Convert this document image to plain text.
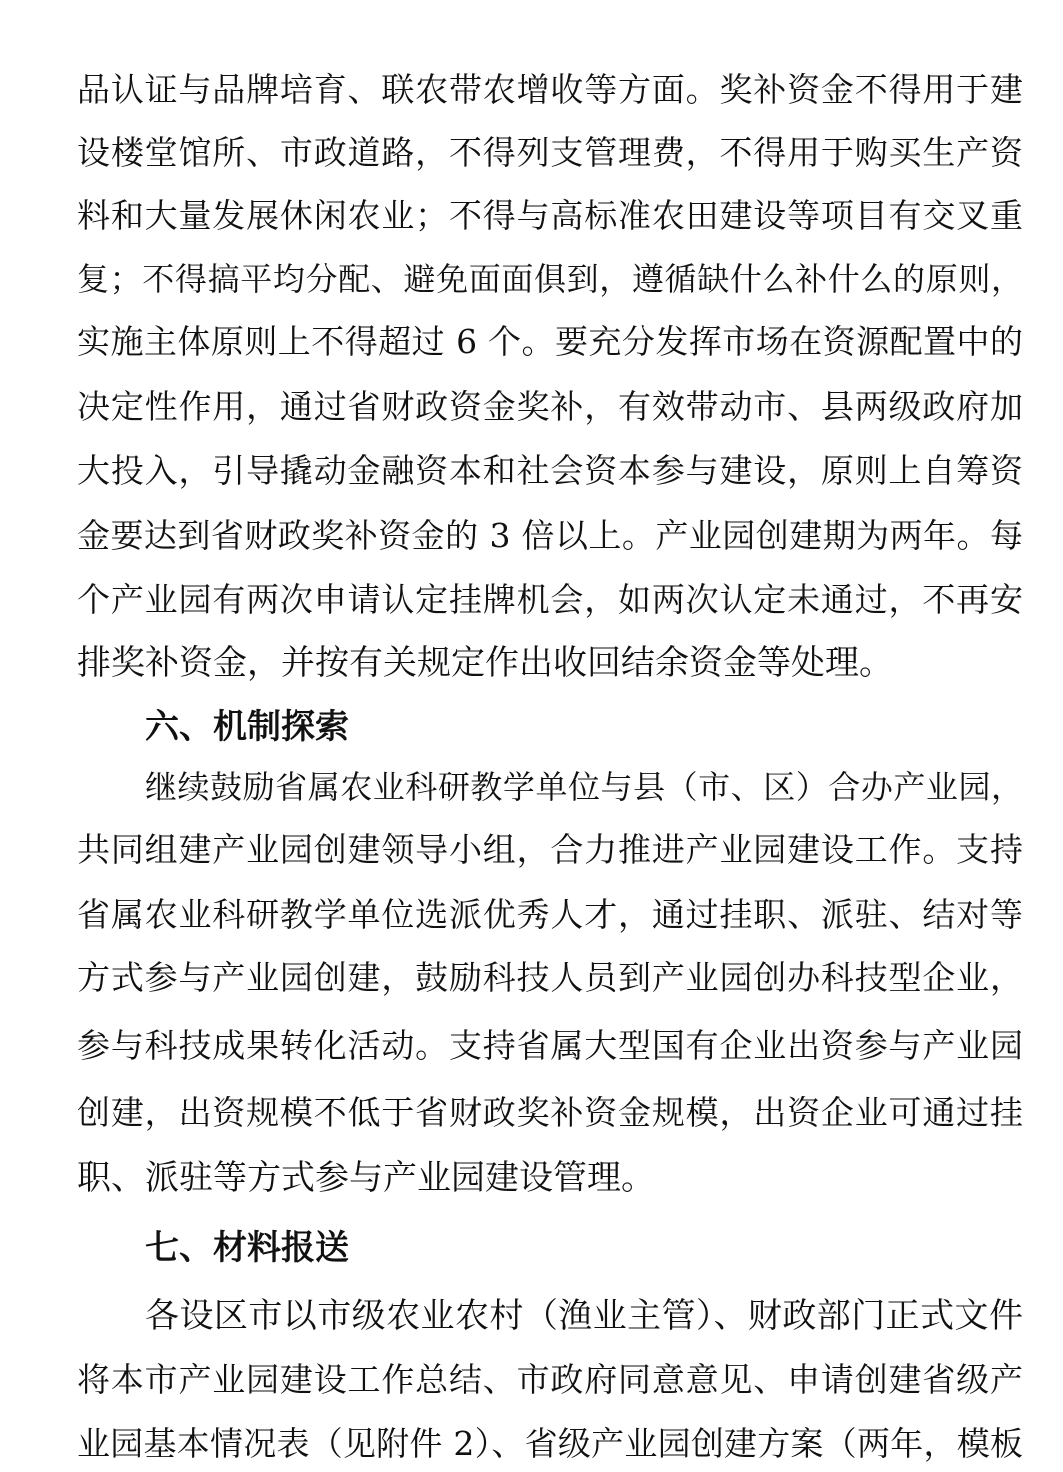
品认证与品牌培育、联农带农增收等方面。奖补资金不得用于建
设楼堂馆所、市政道路，不得列支管理费，不得用于购买生产资
料和大量发展休闲农业；不得与高标准农田建设等项目有交叉重
复；不得搞平均分配、避免面面俱到，遵循缺什么补什么的原则，
实施主体原则上不得超过 6 个。要充分发挥市场在资源配置中的
决定性作用，通过省财政资金奖补，有效带动市、县两级政府加
大投入，引导撬动金融资本和社会资本参与建设，原则上自筹资
金要达到省财政奖补资金的 3 倍以上。产业园创建期为两年。每
个产业园有两次申请认定挂牌机会，如两次认定未通过，不再安
排奖补资金，并按有关规定作出收回结余资金等处理。
六、机制探索
继续鼓励省属农业科研教学单位与县（市、区）合办产业园，
共同组建产业园创建领导小组，合力推进产业园建设工作。支持
省属农业科研教学单位选派优秀人才，通过挂职、派驻、结对等
方式参与产业园创建，鼓励科技人员到产业园创办科技型企业，
参与科技成果转化活动。支持省属大型国有企业出资参与产业园
创建，出资规模不低于省财政奖补资金规模，出资企业可通过挂
职、派驻等方式参与产业园建设管理。
七、材料报送
各设区市以市级农业农村（渔业主管）、财政部门正式文件
将本市产业园建设工作总结、市政府同意意见、申请创建省级产
业园基本情况表（见附件 2）、省级产业园创建方案（两年，模板
